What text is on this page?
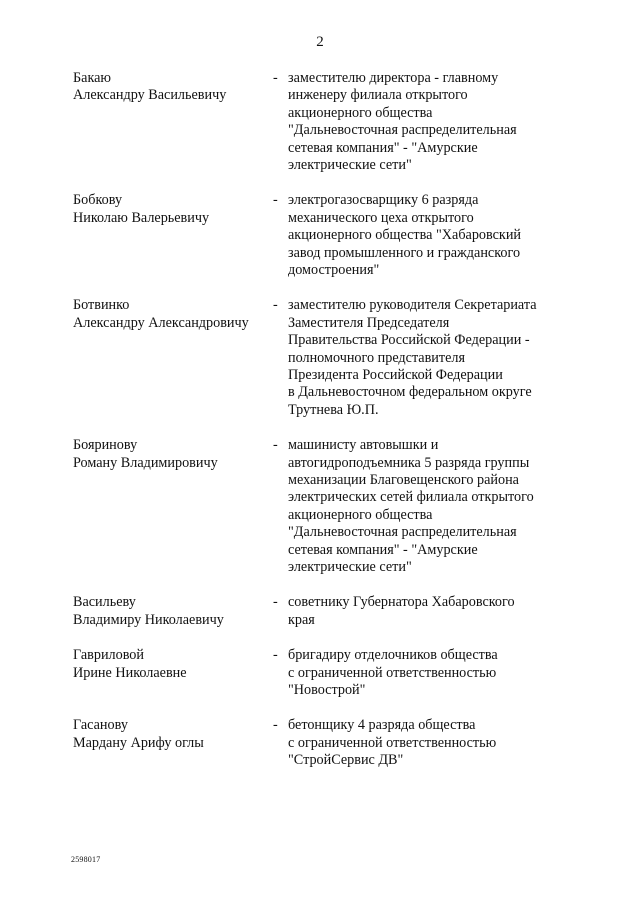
2
Бакаю
Александру Васильевичу
- заместителю директора - главному
инженеру филиала открытого
акционерного общества
"Дальневосточная распределительная
сетевая компания" - "Амурские
электрические сети"
Бобкову
Николаю Валерьевичу
- электрогазосварщику 6 разряда
механического цеха открытого
акционерного общества "Хабаровский
завод промышленного и гражданского
домостроения"
Ботвинко
Александру Александровичу
- заместителю руководителя Секретариата
Заместителя Председателя
Правительства Российской Федерации -
полномочного представителя
Президента Российской Федерации
в Дальневосточном федеральном округе
Трутнева Ю.П.
Бояринову
Роману Владимировичу
- машинисту автовышки и
автогидроподъемника 5 разряда группы
механизации Благовещенского района
электрических сетей филиала открытого
акционерного общества
"Дальневосточная распределительная
сетевая компания" - "Амурские
электрические сети"
Васильеву
Владимиру Николаевичу
- советнику Губернатора Хабаровского
края
Гавриловой
Ирине Николаевне
- бригадиру отделочников общества
с ограниченной ответственностью
"Новострой"
Гасанову
Мардану Арифу оглы
- бетонщику 4 разряда общества
с ограниченной ответственностью
"СтройСервис ДВ"
2598017
